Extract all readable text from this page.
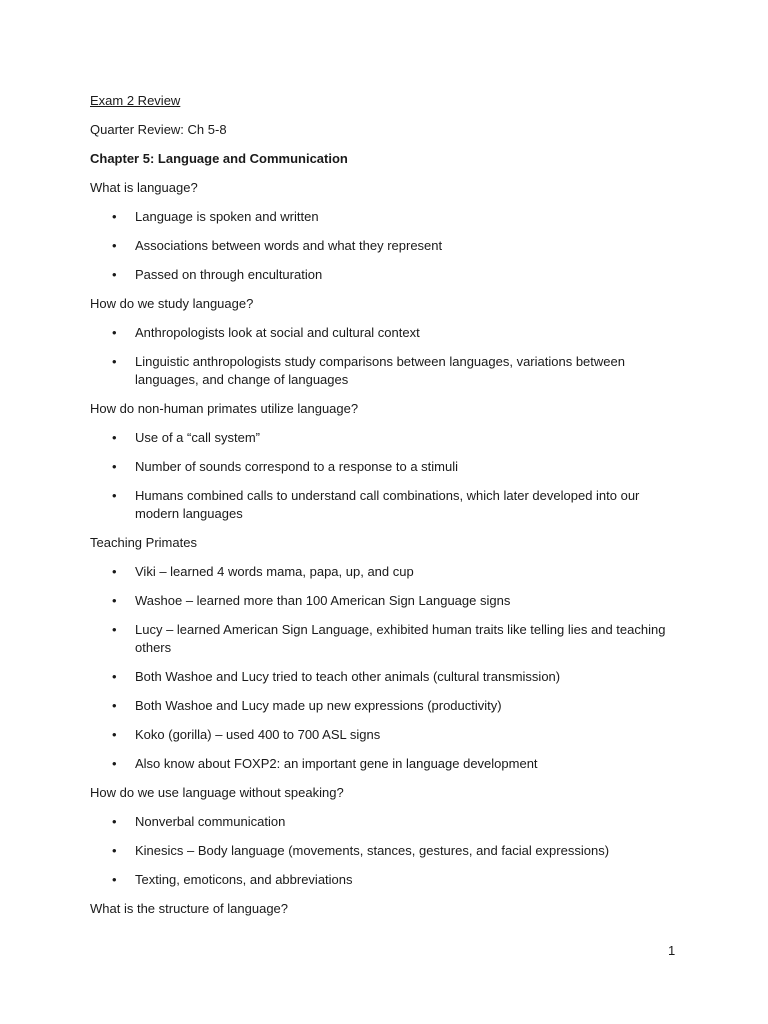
Exam 2 Review
Quarter Review: Ch 5-8
Chapter 5: Language and Communication
What is language?
• Language is spoken and written
• Associations between words and what they represent
• Passed on through enculturation
How do we study language?
• Anthropologists look at social and cultural context
• Linguistic anthropologists study comparisons between languages, variations between languages, and change of languages
How do non-human primates utilize language?
• Use of a “call system”
• Number of sounds correspond to a response to a stimuli
• Humans combined calls to understand call combinations, which later developed into our modern languages
Teaching Primates
• Viki – learned 4 words mama, papa, up, and cup
• Washoe – learned more than 100 American Sign Language signs
• Lucy – learned American Sign Language, exhibited human traits like telling lies and teaching others
• Both Washoe and Lucy tried to teach other animals (cultural transmission)
• Both Washoe and Lucy made up new expressions (productivity)
• Koko (gorilla) – used 400 to 700 ASL signs
• Also know about FOXP2: an important gene in language development
How do we use language without speaking?
• Nonverbal communication
• Kinesics – Body language (movements, stances, gestures, and facial expressions)
• Texting, emoticons, and abbreviations
What is the structure of language?
1
